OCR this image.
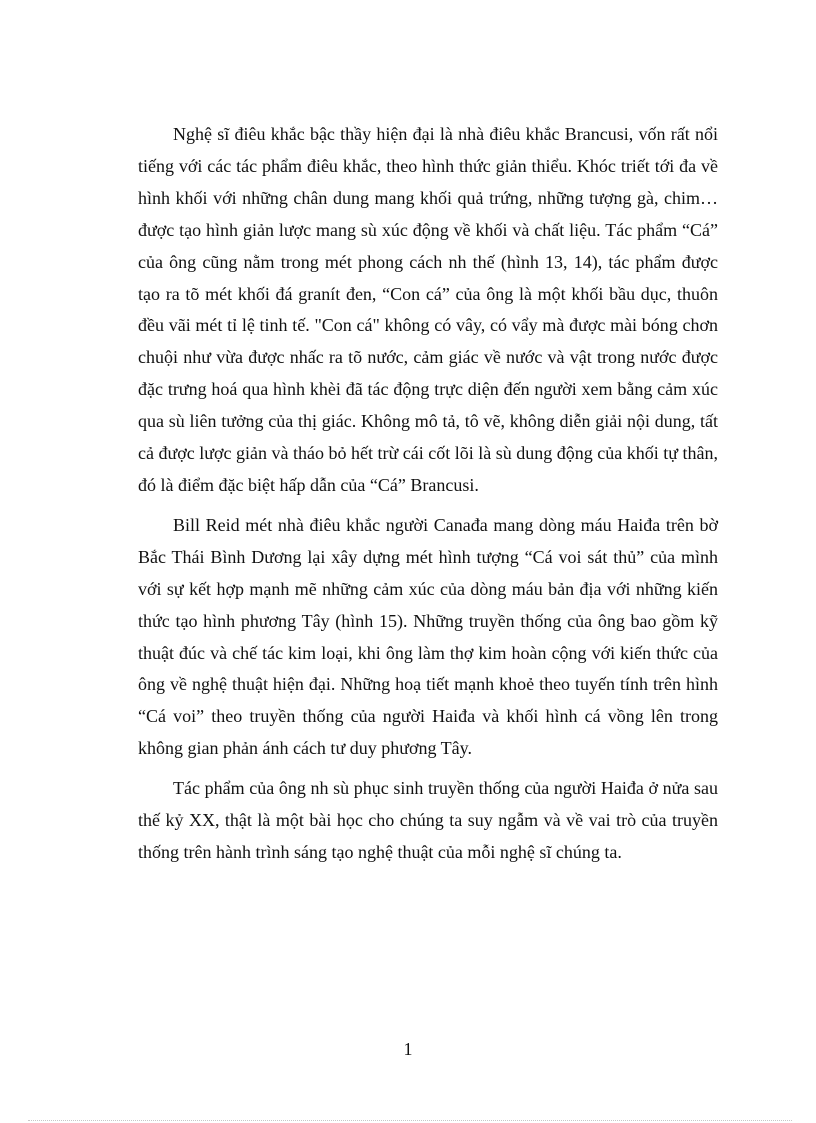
Nghệ sĩ điêu khắc bậc thầy hiện đại là nhà điêu khắc Brancusi, vốn rất nổi tiếng với các tác phẩm điêu khắc, theo hình thức giản thiểu. Khóc triết tới đa về hình khối với những chân dung mang khối quả trứng, những tượng gà, chim…được tạo hình giản lược mang sù xúc động về khối và chất liệu. Tác phẩm “Cá” của ông cũng nằm trong mét phong cách nh thế (hình 13, 14), tác phẩm được tạo ra tõ mét khối đá granít đen, “Con cá” của ông là một khối bầu dục, thuôn đều vãi mét tỉ lệ tinh tế. "Con cá" không có vây, có vẩy mà được mài bóng chơn chuội như vừa được nhấc ra tõ nước, cảm giác về nước và vật trong nước được đặc trưng hoá qua hình khèi đã tác động trực diện đến người xem bằng cảm xúc qua sù liên tưởng của thị giác. Không mô tả, tô vẽ, không diễn giải nội dung, tất cả được lược giản và tháo bỏ hết trừ cái cốt lõi là sù dung động của khối tự thân, đó là điểm đặc biệt hấp dẫn của “Cá” Brancusi.

Bill Reid mét nhà điêu khắc người Canađa mang dòng máu Haiđa trên bờ Bắc Thái Bình Dương lại xây dựng mét hình tượng “Cá voi sát thủ” của mình với sự kết hợp mạnh mẽ những cảm xúc của dòng máu bản địa với những kiến thức tạo hình phương Tây (hình 15). Những truyền thống của ông bao gồm kỹ thuật đúc và chế tác kim loại, khi ông làm thợ kim hoàn cộng với kiến thức của ông về nghệ thuật hiện đại. Những hoạ tiết mạnh khoẻ theo tuyến tính trên hình “Cá voi” theo truyền thống của người Haiđa và khối hình cá vồng lên trong không gian phản ánh cách tư duy phương Tây.

Tác phẩm của ông nh sù phục sinh truyền thống của người Haiđa ở nửa sau thế kỷ XX, thật là một bài học cho chúng ta suy ngẫm và về vai trò của truyền thống trên hành trình sáng tạo nghệ thuật của mỗi nghệ sĩ chúng ta.

1
